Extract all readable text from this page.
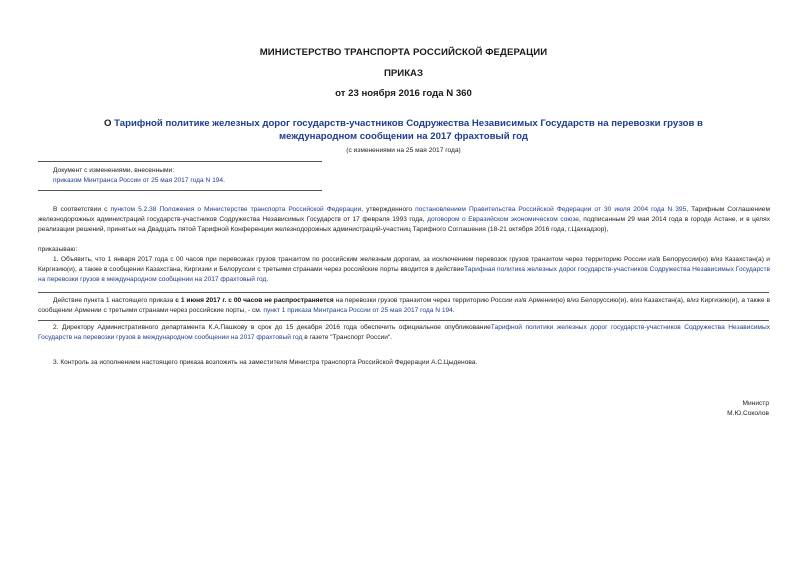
МИНИСТЕРСТВО ТРАНСПОРТА РОССИЙСКОЙ ФЕДЕРАЦИИ
ПРИКАЗ
от 23 ноября 2016 года N 360
О Тарифной политике железных дорог государств-участников Содружества Независимых Государств на перевозки грузов в международном сообщении на 2017 фрахтовый год
(с изменениями на 25 мая 2017 года)
Документ с изменениями, внесенными:
приказом Минтранса России от 25 мая 2017 года N 194.
В соответствии с пунктом 5.2.38 Положения о Министерстве транспорта Российской Федерации, утвержденного постановлением Правительства Российской Федерации от 30 июля 2004 года N 395, Тарифным Соглашением железнодорожных администраций государств-участников Содружества Независимых Государств от 17 февраля 1993 года, договором о Евразийском экономическом союзе, подписанным 29 мая 2014 года в городе Астане, и в целях реализации решений, принятых на Двадцать пятой Тарифной Конференции железнодорожных администраций-участниц Тарифного Соглашения (18-21 октября 2016 года, г.Цахкадзор),
приказываю:
1. Объявить, что 1 января 2017 года с 00 часов при перевозках грузов транзитом по российским железным дорогам, за исключением перевозок грузов транзитом через территорию России из/в Белоруссии(ю) в/из Казахстан(а) и Киргизию(и), а также в сообщении Казахстана, Киргизии и Белоруссии с третьими странами через российские порты вводится в действиеТарифная политика железных дорог государств-участников Содружества Независимых Государств на перевозки грузов в международном сообщении на 2017 фрахтовый год.
Действие пункта 1 настоящего приказа с 1 июня 2017 г. с 00 часов не распространяется на перевозки грузов транзитом через территорию России из/в Армении(ю) в/из Белоруссию(и), в/из Казахстан(а), в/из Киргизию(и), а также в сообщении Армении с третьими странами через российские порты, - см. пункт 1 приказа Минтранса России от 25 мая 2017 года N 194.
2. Директору Административного департамента К.А.Пашкову в срок до 15 декабря 2016 года обеспечить официальное опубликованиеТарифной политики железных дорог государств-участников Содружества Независимых Государств на перевозки грузов в международном сообщении на 2017 фрахтовый год в газете "Транспорт России".
3. Контроль за исполнением настоящего приказа возложить на заместителя Министра транспорта Российской Федерации А.С.Цыденова.
Министр
М.Ю.Соколов
